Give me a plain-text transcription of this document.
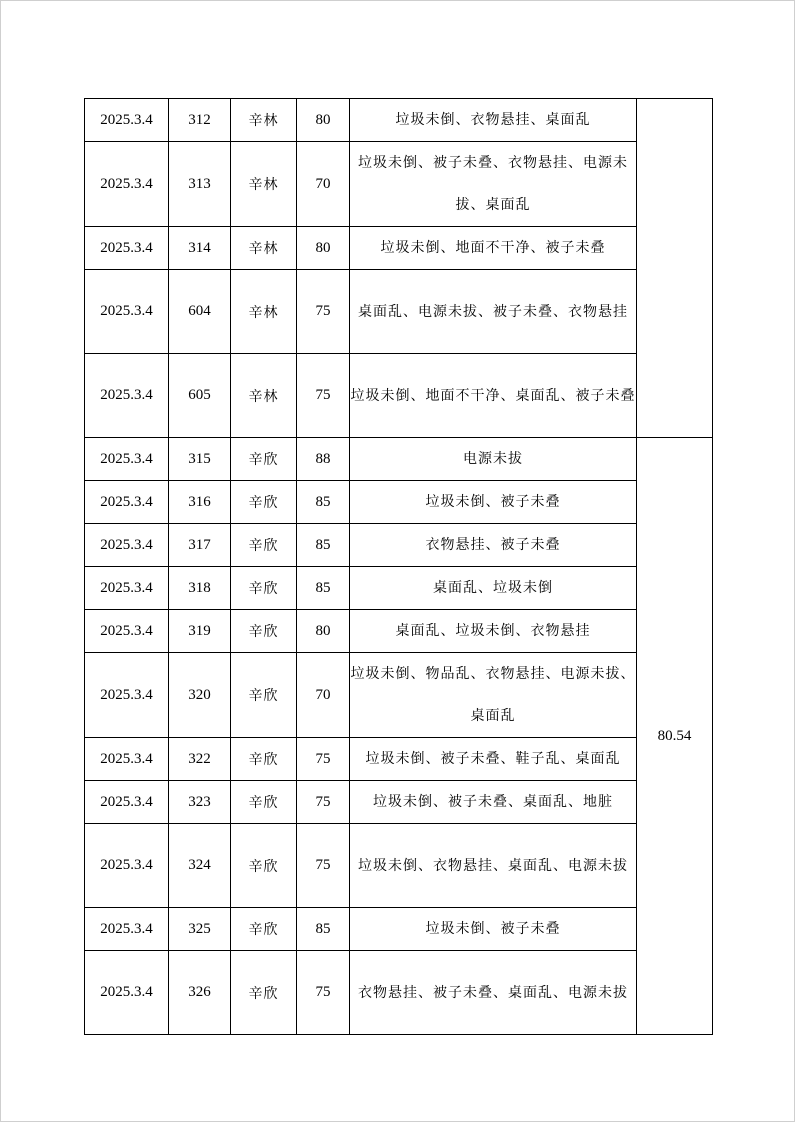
2025.3.4	312	辛林	80	垃圾未倒、衣物悬挂、桌面乱	
2025.3.4	313	辛林	70	垃圾未倒、被子未叠、衣物悬挂、电源未拔、桌面乱	
2025.3.4	314	辛林	80	垃圾未倒、地面不干净、被子未叠	
2025.3.4	604	辛林	75	桌面乱、电源未拔、被子未叠、衣物悬挂	
2025.3.4	605	辛林	75	垃圾未倒、地面不干净、桌面乱、被子未叠	
2025.3.4	315	辛欣	88	电源未拔	80.54
2025.3.4	316	辛欣	85	垃圾未倒、被子未叠	
2025.3.4	317	辛欣	85	衣物悬挂、被子未叠	
2025.3.4	318	辛欣	85	桌面乱、垃圾未倒	
2025.3.4	319	辛欣	80	桌面乱、垃圾未倒、衣物悬挂	
2025.3.4	320	辛欣	70	垃圾未倒、物品乱、衣物悬挂、电源未拔、桌面乱	
2025.3.4	322	辛欣	75	垃圾未倒、被子未叠、鞋子乱、桌面乱	
2025.3.4	323	辛欣	75	垃圾未倒、被子未叠、桌面乱、地脏	
2025.3.4	324	辛欣	75	垃圾未倒、衣物悬挂、桌面乱、电源未拔	
2025.3.4	325	辛欣	85	垃圾未倒、被子未叠	
2025.3.4	326	辛欣	75	衣物悬挂、被子未叠、桌面乱、电源未拔	
